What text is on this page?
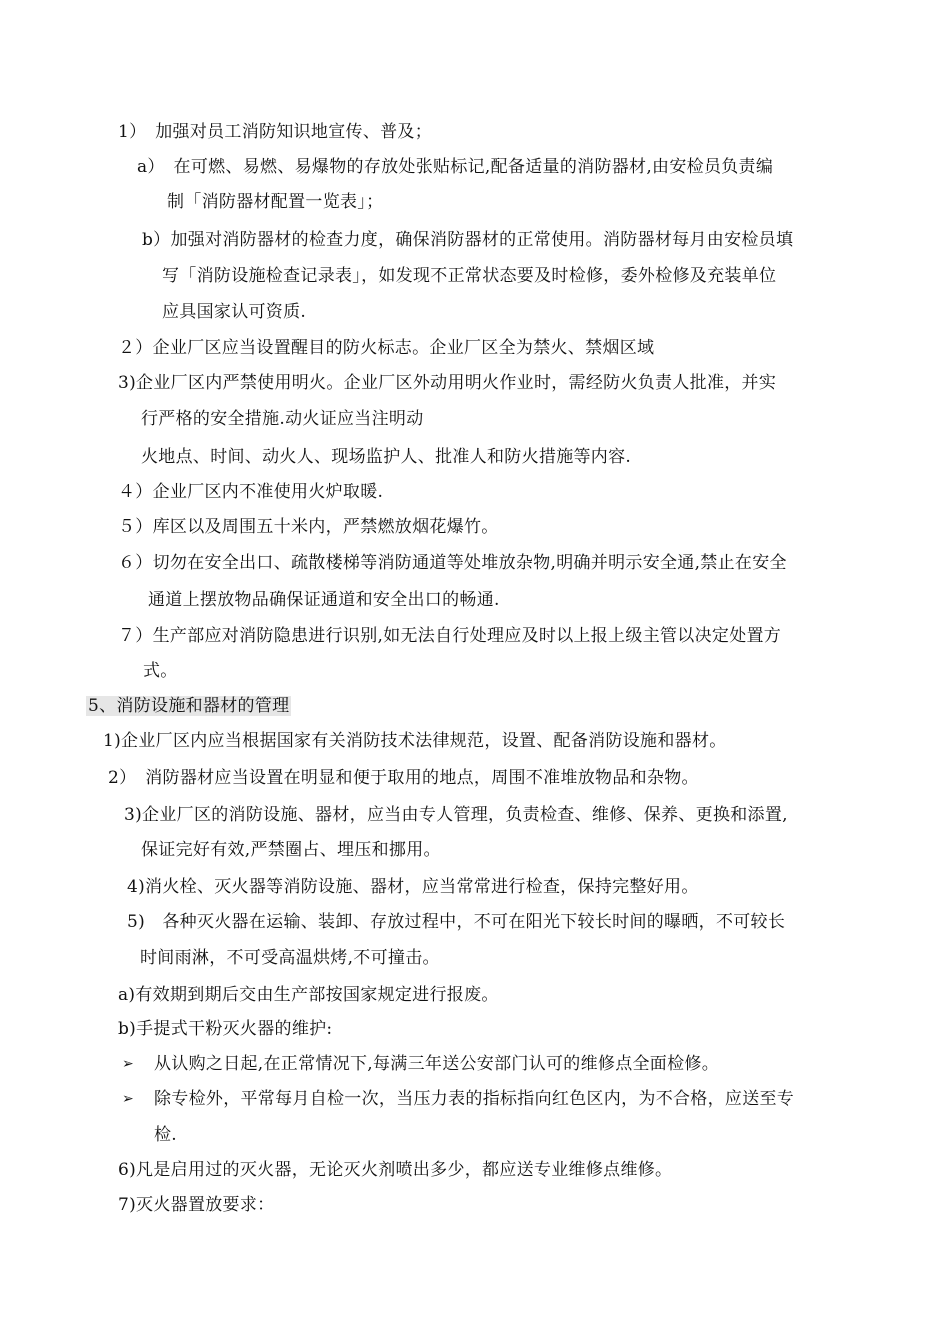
1）　加强对员工消防知识地宣传、普及；
a）　在可燃、易燃、易爆物的存放处张贴标记,配备适量的消防器材,由安检员负责编
制「消防器材配置一览表」；
b）加强对消防器材的检查力度，确保消防器材的正常使用。消防器材每月由安检员填
写「消防设施检查记录表」，如发现不正常状态要及时检修，委外检修及充装单位
应具国家认可资质.
２）企业厂区应当设置醒目的防火标志。企业厂区全为禁火、禁烟区域
3)企业厂区内严禁使用明火。企业厂区外动用明火作业时，需经防火负责人批准，并实
行严格的安全措施.动火证应当注明动
火地点、时间、动火人、现场监护人、批准人和防火措施等内容.
４）企业厂区内不准使用火炉取暖.
５）库区以及周围五十米内，严禁燃放烟花爆竹。
６）切勿在安全出口、疏散楼梯等消防通道等处堆放杂物,明确并明示安全通,禁止在安全
通道上摆放物品确保证通道和安全出口的畅通.
７）生产部应对消防隐患进行识别,如无法自行处理应及时以上报上级主管以决定处置方
式。
5、消防设施和器材的管理
1)企业厂区内应当根据国家有关消防技术法律规范，设置、配备消防设施和器材。
2）　消防器材应当设置在明显和便于取用的地点，周围不准堆放物品和杂物。
3)企业厂区的消防设施、器材，应当由专人管理，负责检查、维修、保养、更换和添置,
保证完好有效,严禁圈占、埋压和挪用。
4)消火栓、灭火器等消防设施、器材，应当常常进行检查，保持完整好用。
5)　各种灭火器在运输、装卸、存放过程中，不可在阳光下较长时间的曝晒，不可较长
时间雨淋，不可受高温烘烤,不可撞击。
a)有效期到期后交由生产部按国家规定进行报废。
b)手提式干粉灭火器的维护:
➢ 从认购之日起,在正常情况下,每满三年送公安部门认可的维修点全面检修。
➢ 除专检外，平常每月自检一次，当压力表的指标指向红色区内，为不合格，应送至专
检.
6)凡是启用过的灭火器，无论灭火剂喷出多少，都应送专业维修点维修。
7)灭火器置放要求：
